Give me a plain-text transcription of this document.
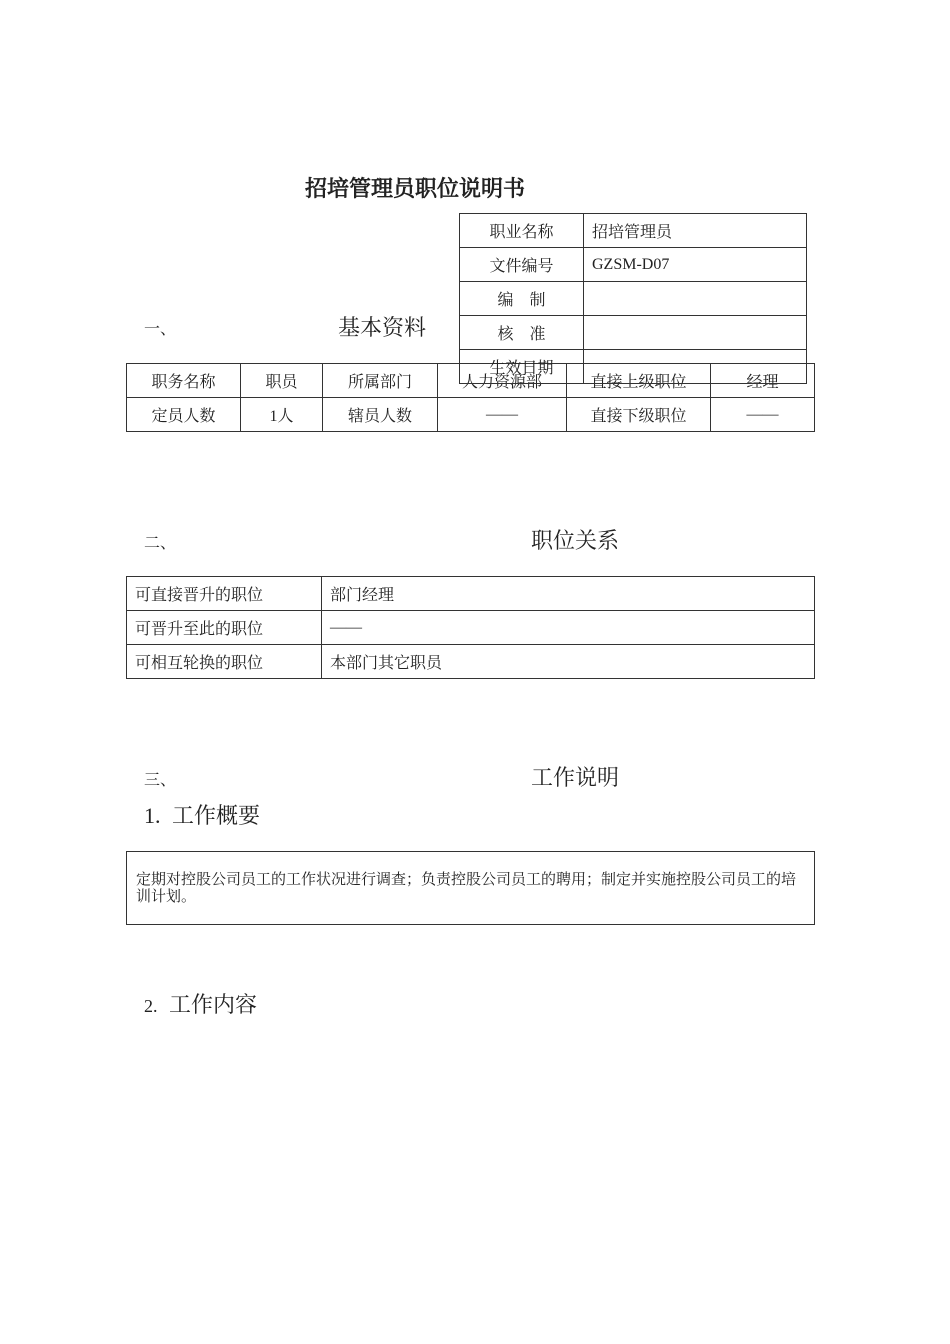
招培管理员职位说明书
职务名称	职员	所属部门	人力资源部	直接上级职位	经理
定员人数	1人	辖员人数	——	直接下级职位	——
职业名称	招培管理员
文件编号	GZSM-D07
编　制	
核　准	
生效日期	
一、	基本资料
二、	职位关系
可直接晋升的职位	部门经理
可晋升至此的职位	——
可相互轮换的职位	本部门其它职员
三、	工作说明
1. 工作概要
定期对控股公司员工的工作状况进行调查；负责控股公司员工的聘用；制定并实施控股公司员工的培训计划。
2. 工作内容
